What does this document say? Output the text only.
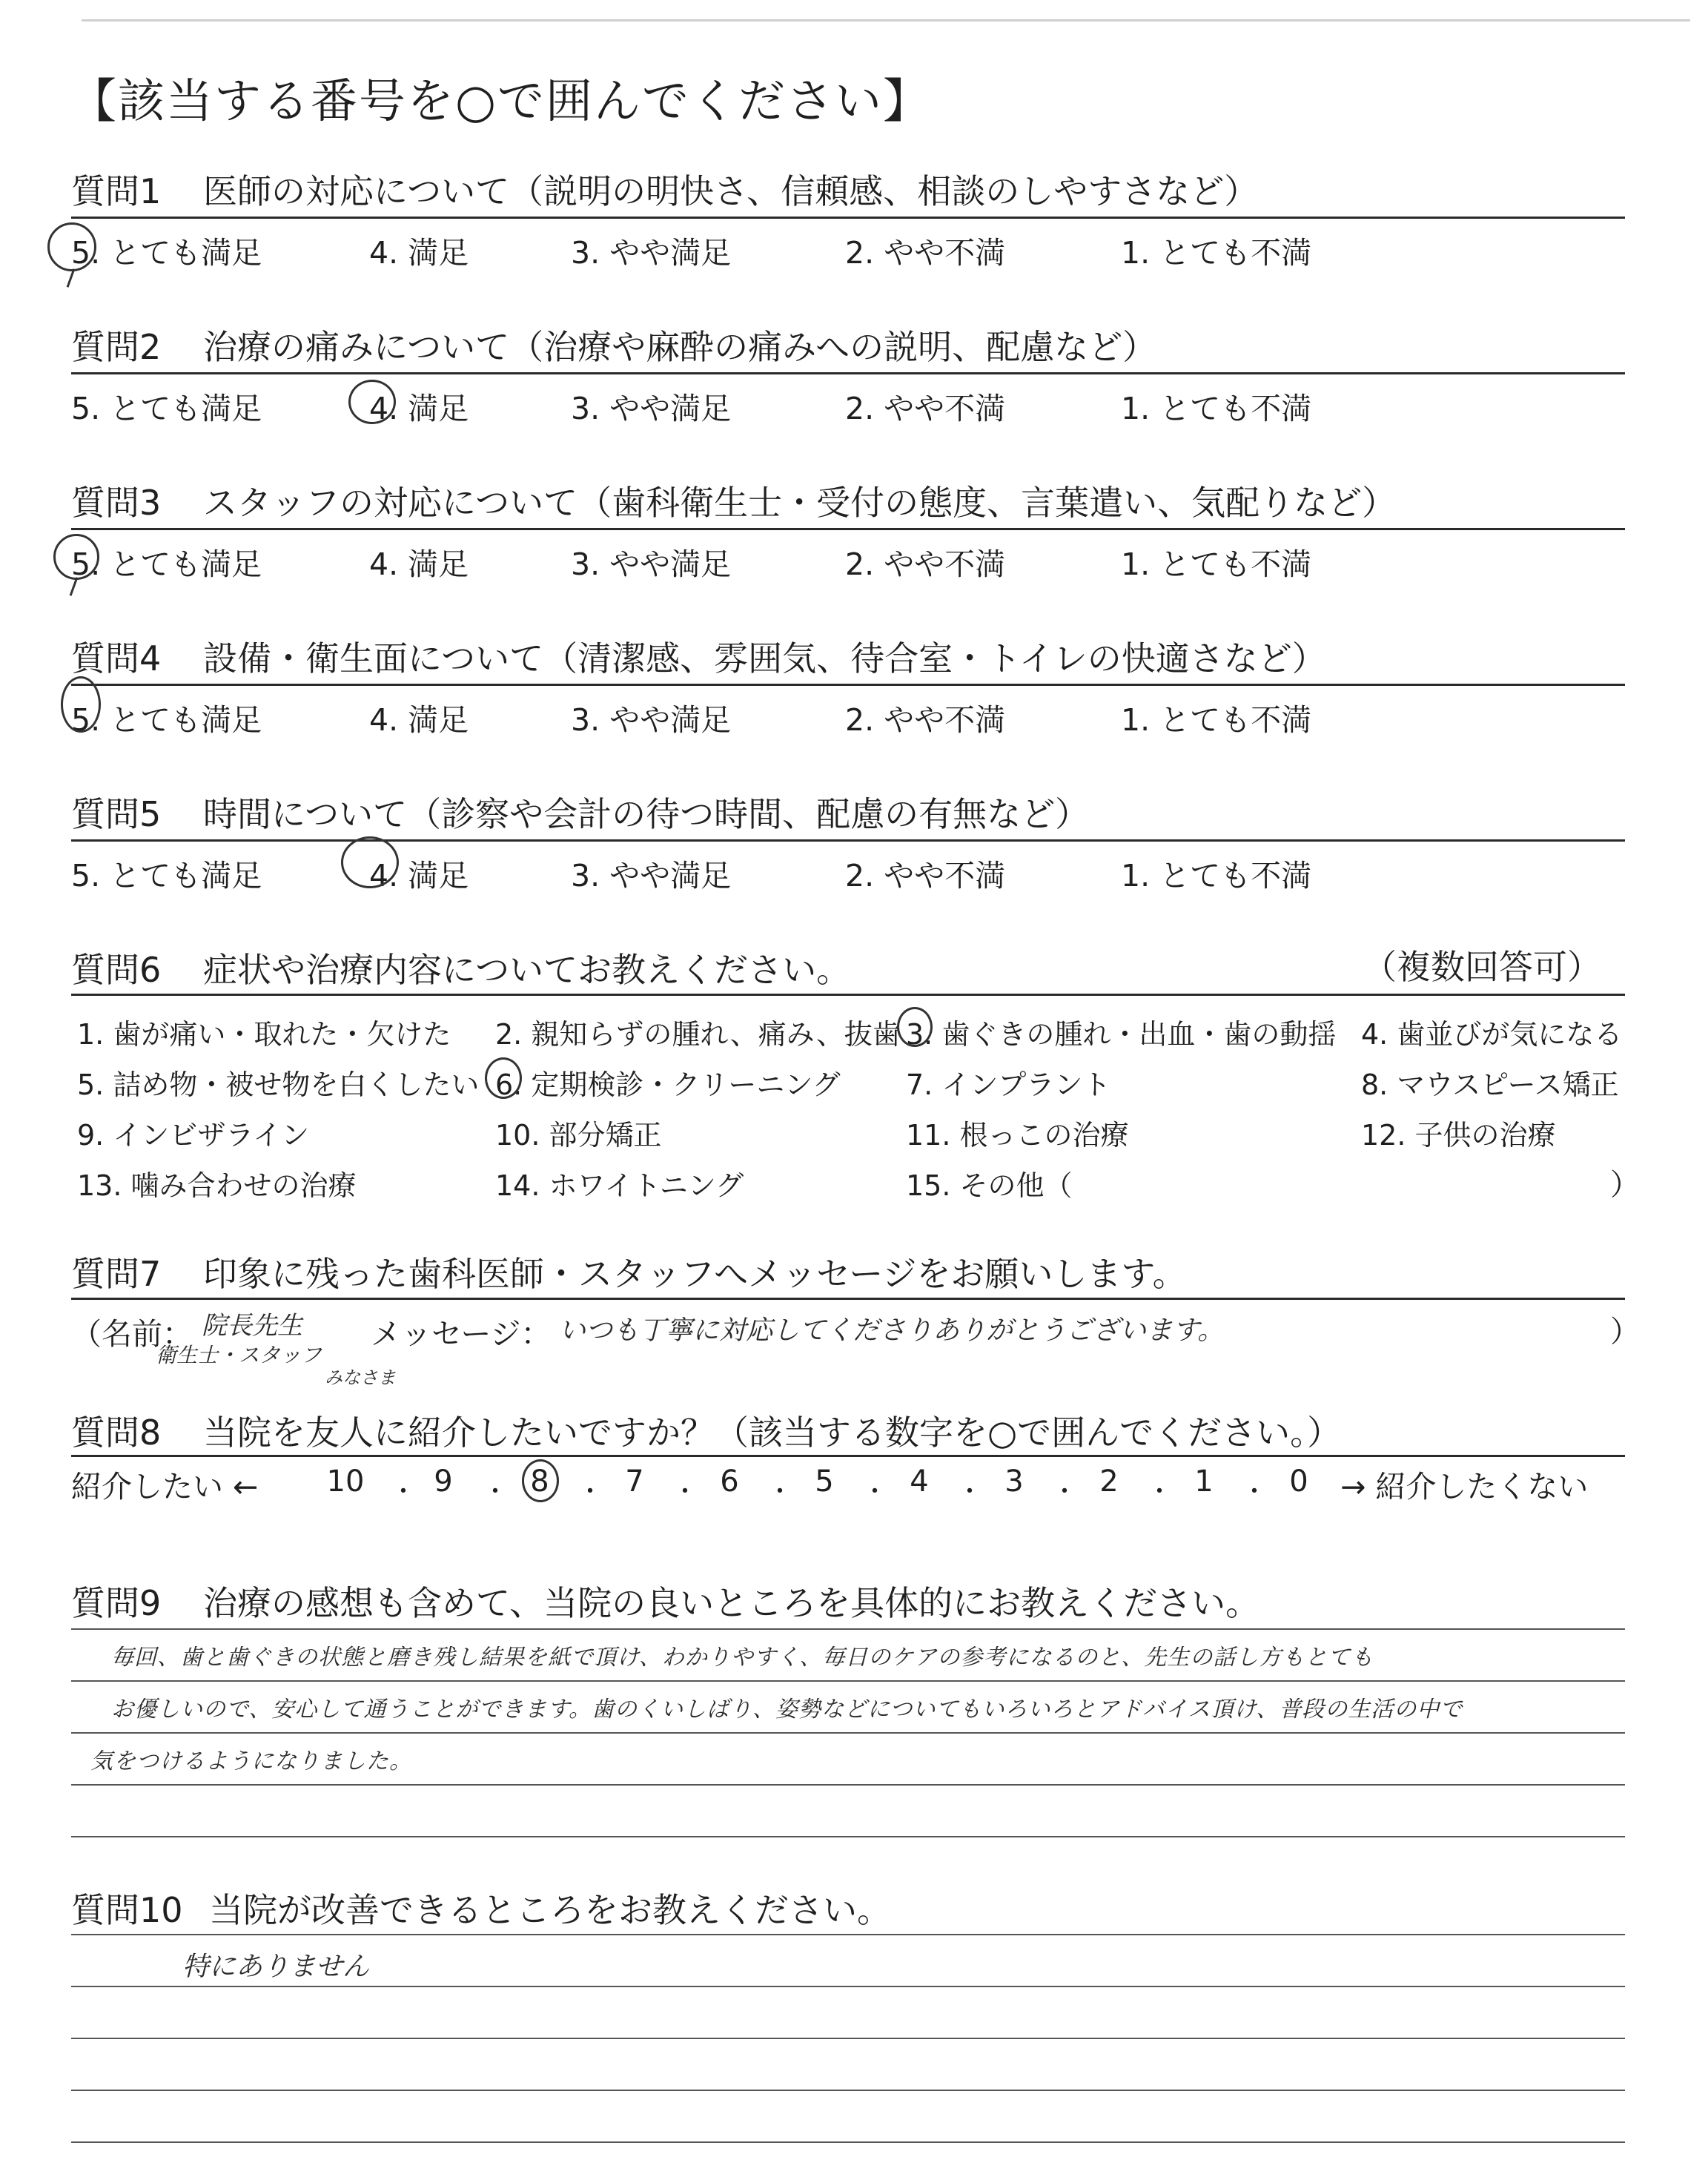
【該当する番号を○で囲んでください】
質問1 医師の対応について（説明の明快さ、信頼感、相談のしやすさなど）
5. とても満足	4. 満足	3. やや満足	2. やや不満	1. とても不満
質問2 治療の痛みについて（治療や麻酔の痛みへの説明、配慮など）
5. とても満足	4. 満足	3. やや満足	2. やや不満	1. とても不満
質問3 スタッフの対応について（歯科衛生士・受付の態度、言葉遣い、気配りなど）
5. とても満足	4. 満足	3. やや満足	2. やや不満	1. とても不満
質問4 設備・衛生面について（清潔感、雰囲気、待合室・トイレの快適さなど）
5. とても満足	4. 満足	3. やや満足	2. やや不満	1. とても不満
質問5 時間について（診察や会計の待つ時間、配慮の有無など）
5. とても満足	4. 満足	3. やや満足	2. やや不満	1. とても不満
質問6 症状や治療内容についてお教えください。	（複数回答可）
1. 歯が痛い・取れた・欠けた 2. 親知らずの腫れ、痛み、抜歯 3. 歯ぐきの腫れ・出血・歯の動揺 4. 歯並びが気になる
5. 詰め物・被せ物を白くしたい 6. 定期検診・クリーニング 7. インプラント	8. マウスピース矯正
9. インビザライン	10. 部分矯正	11. 根っこの治療	12. 子供の治療
13. 噛み合わせの治療	14. ホワイトニング	15. その他（	）
質問7 印象に残った歯科医師・スタッフへメッセージをお願いします。
（名前： 院長先生
衛生士・スタッフ
みなさま
メッセージ： いつも丁寧に対応してくださりありがとうございます。	）
質問8 当院を友人に紹介したいですか？（該当する数字を○で囲んでください。）
紹介したい ← 10 ・ 9	・ 8	・ 7	・ 6	・ 5	・ 4	・ 3	・ 2	・ 1	・ 0	→ 紹介したくない
質問9 治療の感想も含めて、当院の良いところを具体的にお教えください。
毎回、歯と歯ぐきの状態と磨き残し結果を紙で頂け、わかりやすく、毎日のケアの参考になるのと、先生の話し方もとても
お優しいので、安心して通うことができます。歯のくいしばり、姿勢などについてもいろいろとアドバイス頂け、普段の生活の中で
気をつけるようになりました。
質問10 当院が改善できるところをお教えください。
特にありません
